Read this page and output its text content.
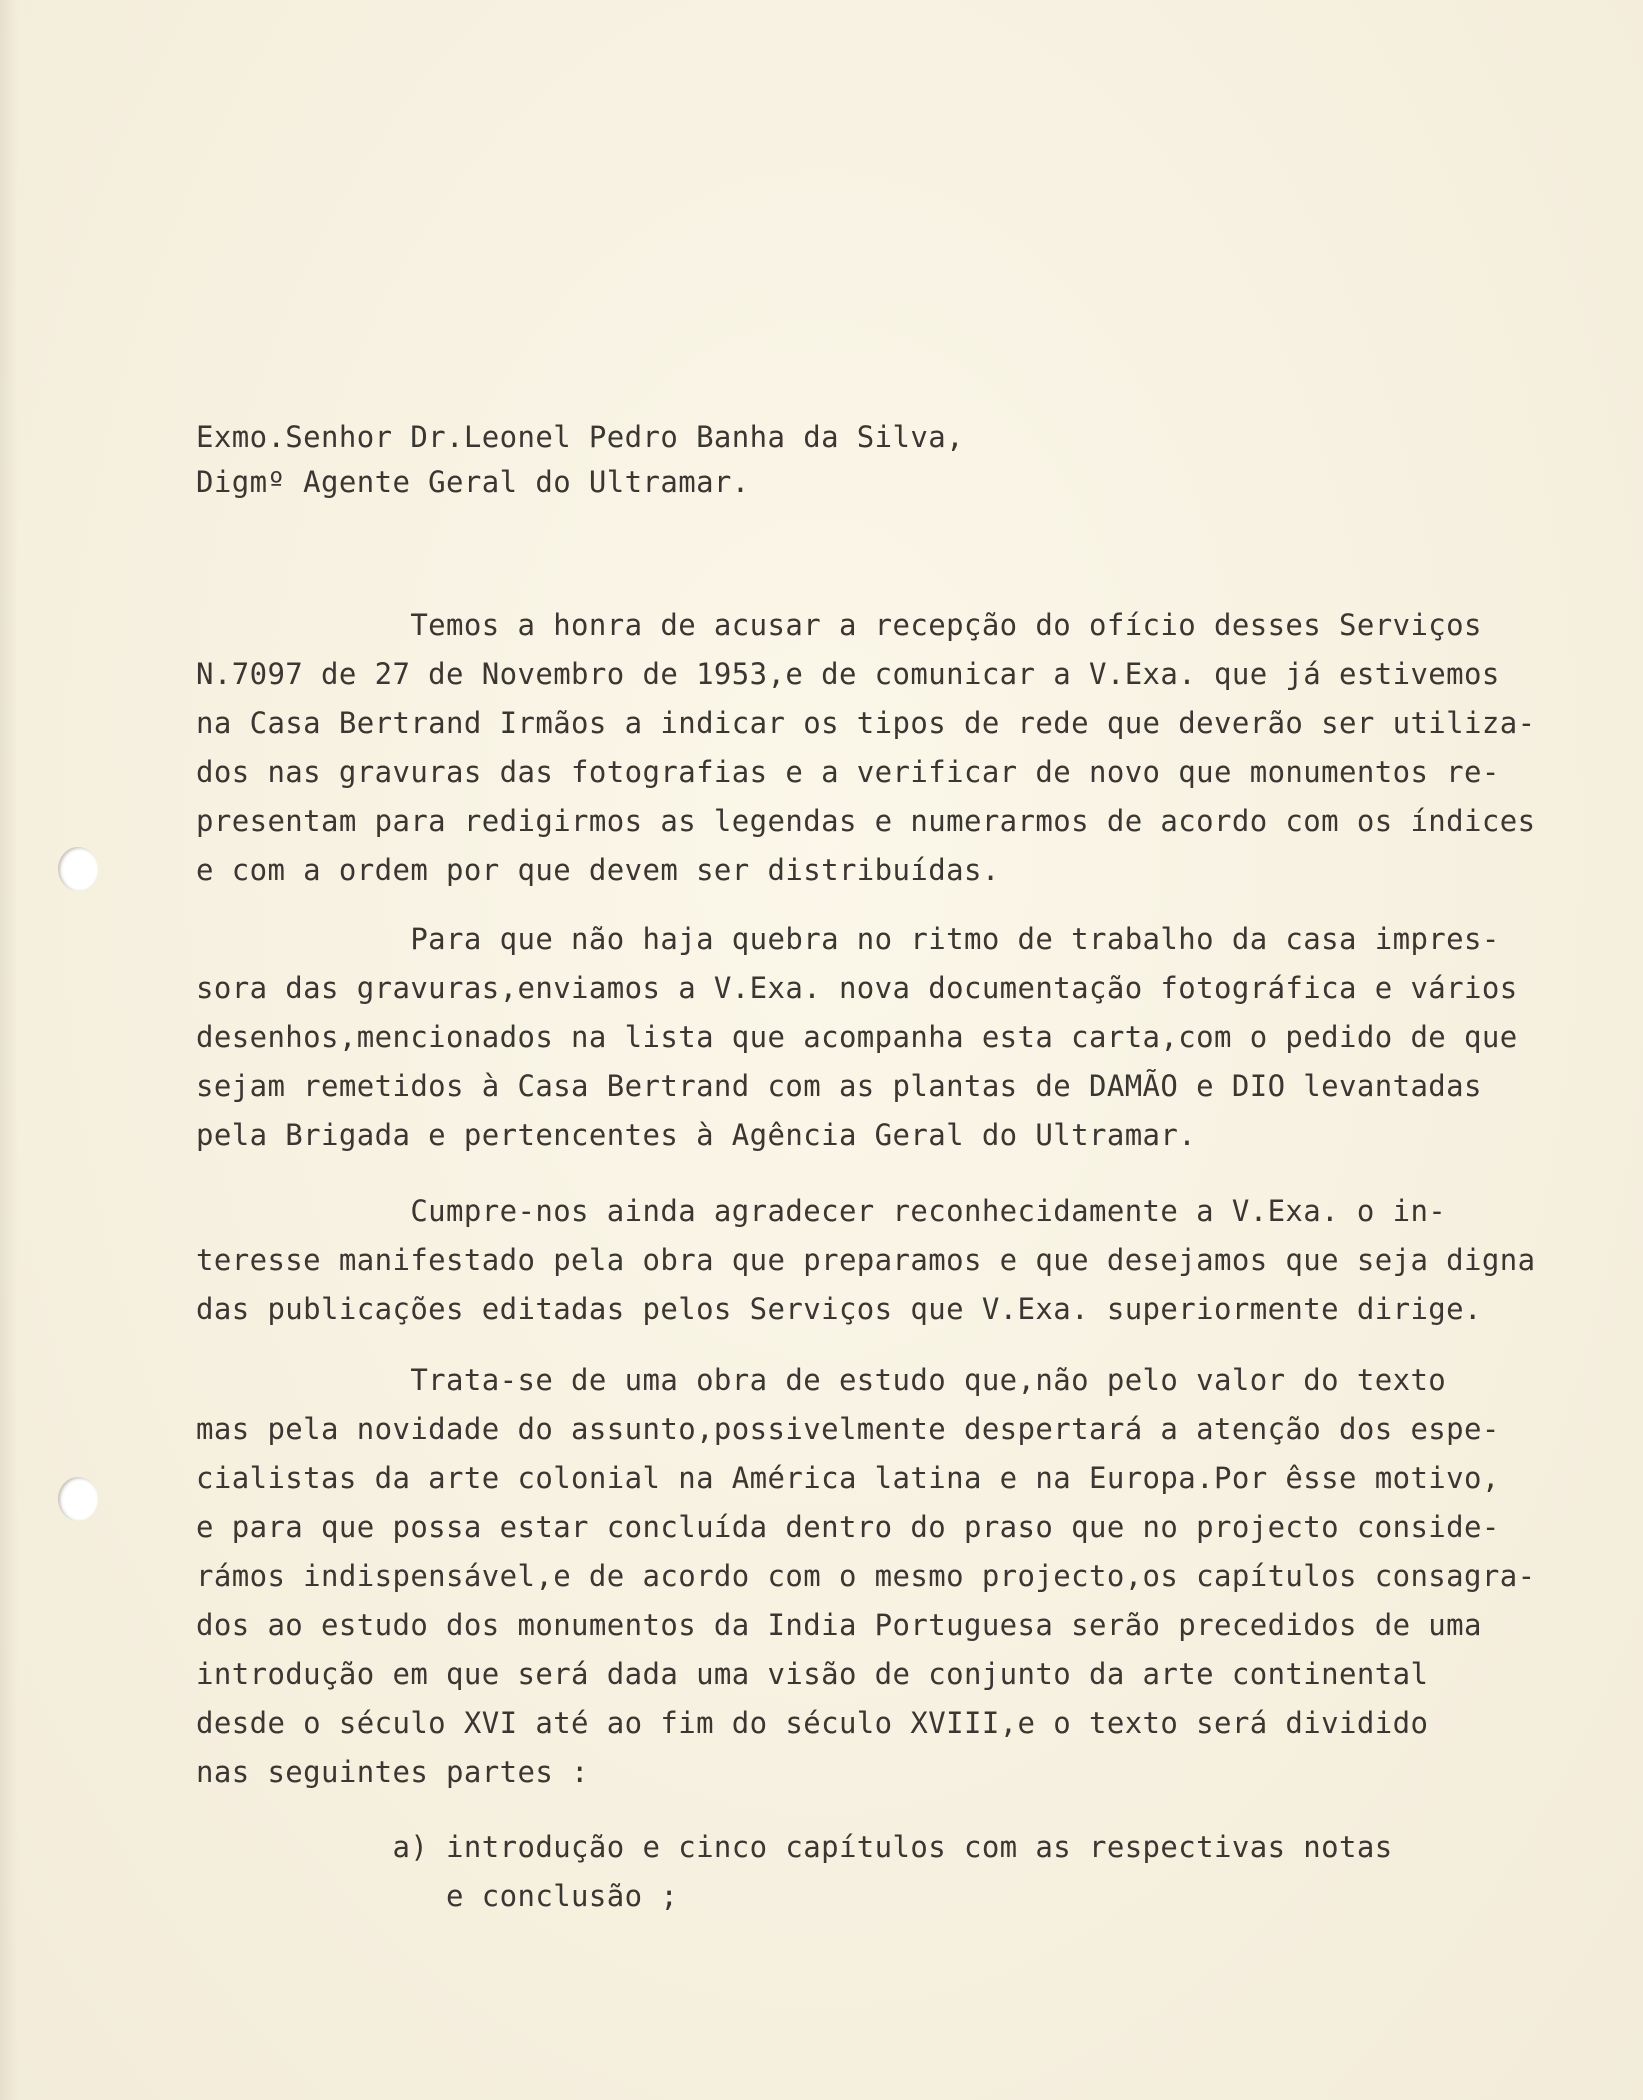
Exmo.Senhor Dr.Leonel Pedro Banha da Silva,
Digmº Agente Geral do Ultramar.
Temos a honra de acusar a recepção do ofício desses Serviços
N.7097 de 27 de Novembro de 1953,e de comunicar a V.Exa. que já estivemos
na Casa Bertrand Irmãos a indicar os tipos de rede que deverão ser utiliza-
dos nas gravuras das fotografias e a verificar de novo que monumentos re-
presentam para redigirmos as legendas e numerarmos de acordo com os índices
e com a ordem por que devem ser distribuídas.
Para que não haja quebra no ritmo de trabalho da casa impres-
sora das gravuras,enviamos a V.Exa. nova documentação fotográfica e vários
desenhos,mencionados na lista que acompanha esta carta,com o pedido de que
sejam remetidos à Casa Bertrand com as plantas de DAMÃO e DIO levantadas
pela Brigada e pertencentes à Agência Geral do Ultramar.
Cumpre-nos ainda agradecer reconhecidamente a V.Exa. o in-
teresse manifestado pela obra que preparamos e que desejamos que seja digna
das publicações editadas pelos Serviços que V.Exa. superiormente dirige.
Trata-se de uma obra de estudo que,não pelo valor do texto
mas pela novidade do assunto,possivelmente despertará a atenção dos espe-
cialistas da arte colonial na América latina e na Europa.Por êsse motivo,
e para que possa estar concluída dentro do praso que no projecto conside-
rámos indispensável,e de acordo com o mesmo projecto,os capítulos consagra-
dos ao estudo dos monumentos da India Portuguesa serão precedidos de uma
introdução em que será dada uma visão de conjunto da arte continental
desde o século XVI até ao fim do século XVIII,e o texto será dividido
nas seguintes partes :
a) introdução e cinco capítulos com as respectivas notas
e conclusão ;
